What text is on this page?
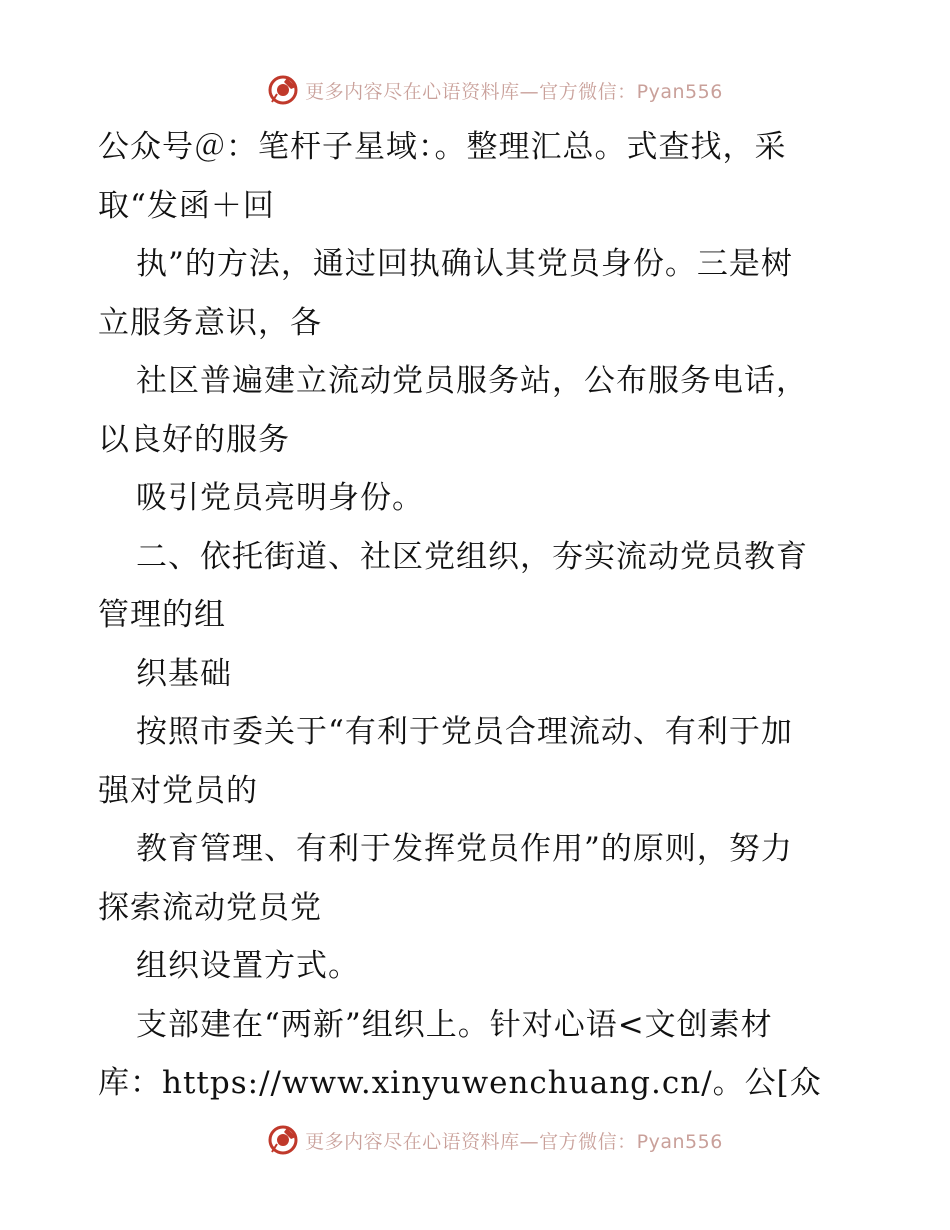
更多内容尽在心语资料库—官方微信：Pyan556
公众号＠：笔杆子星域：。整理汇总。式查找，采
取“发函＋回
执”的方法，通过回执确认其党员身份。三是树
立服务意识，各
社区普遍建立流动党员服务站，公布服务电话，
以良好的服务
吸引党员亮明身份。
二、依托街道、社区党组织，夯实流动党员教育
管理的组
织基础
按照市委关于“有利于党员合理流动、有利于加
强对党员的
教育管理、有利于发挥党员作用”的原则，努力
探索流动党员党
组织设置方式。
支部建在“两新”组织上。针对心语<文创素材
库：https://www.xinyuwenchuang.cn/。公[众
更多内容尽在心语资料库—官方微信：Pyan556
